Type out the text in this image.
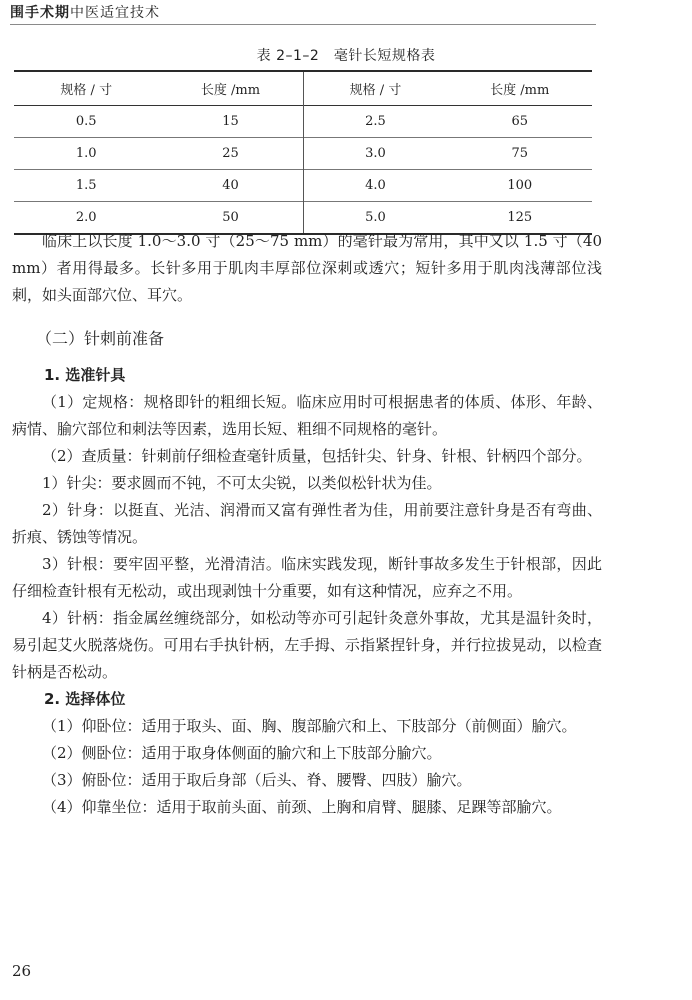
围手术期中医适宜技术
表 2–1–2　毫针长短规格表
规格 / 寸	长度 /mm	规格 / 寸	长度 /mm
0.5	15	2.5	65
1.0	25	3.0	75
1.5	40	4.0	100
2.0	50	5.0	125

临床上以长度 1.0～3.0 寸（25～75 mm）的毫针最为常用，其中又以 1.5 寸（40 mm）者用得最多。长针多用于肌肉丰厚部位深刺或透穴；短针多用于肌肉浅薄部位浅刺，如头面部穴位、耳穴。

（二）针刺前准备
1. 选准针具

（1）定规格：规格即针的粗细长短。临床应用时可根据患者的体质、体形、年龄、病情、腧穴部位和刺法等因素，选用长短、粗细不同规格的毫针。

（2）查质量：针刺前仔细检查毫针质量，包括针尖、针身、针根、针柄四个部分。

1）针尖：要求圆而不钝，不可太尖锐，以类似松针状为佳。

2）针身：以挺直、光洁、润滑而又富有弹性者为佳，用前要注意针身是否有弯曲、折痕、锈蚀等情况。

3）针根：要牢固平整，光滑清洁。临床实践发现，断针事故多发生于针根部，因此仔细检查针根有无松动，或出现剥蚀十分重要，如有这种情况，应弃之不用。

4）针柄：指金属丝缠绕部分，如松动等亦可引起针灸意外事故，尤其是温针灸时，易引起艾火脱落烧伤。可用右手执针柄，左手拇、示指紧捏针身，并行拉拔晃动，以检查针柄是否松动。

2. 选择体位

（1）仰卧位：适用于取头、面、胸、腹部腧穴和上、下肢部分（前侧面）腧穴。

（2）侧卧位：适用于取身体侧面的腧穴和上下肢部分腧穴。

（3）俯卧位：适用于取后身部（后头、脊、腰臀、四肢）腧穴。

（4）仰靠坐位：适用于取前头面、前颈、上胸和肩臂、腿膝、足踝等部腧穴。

26
